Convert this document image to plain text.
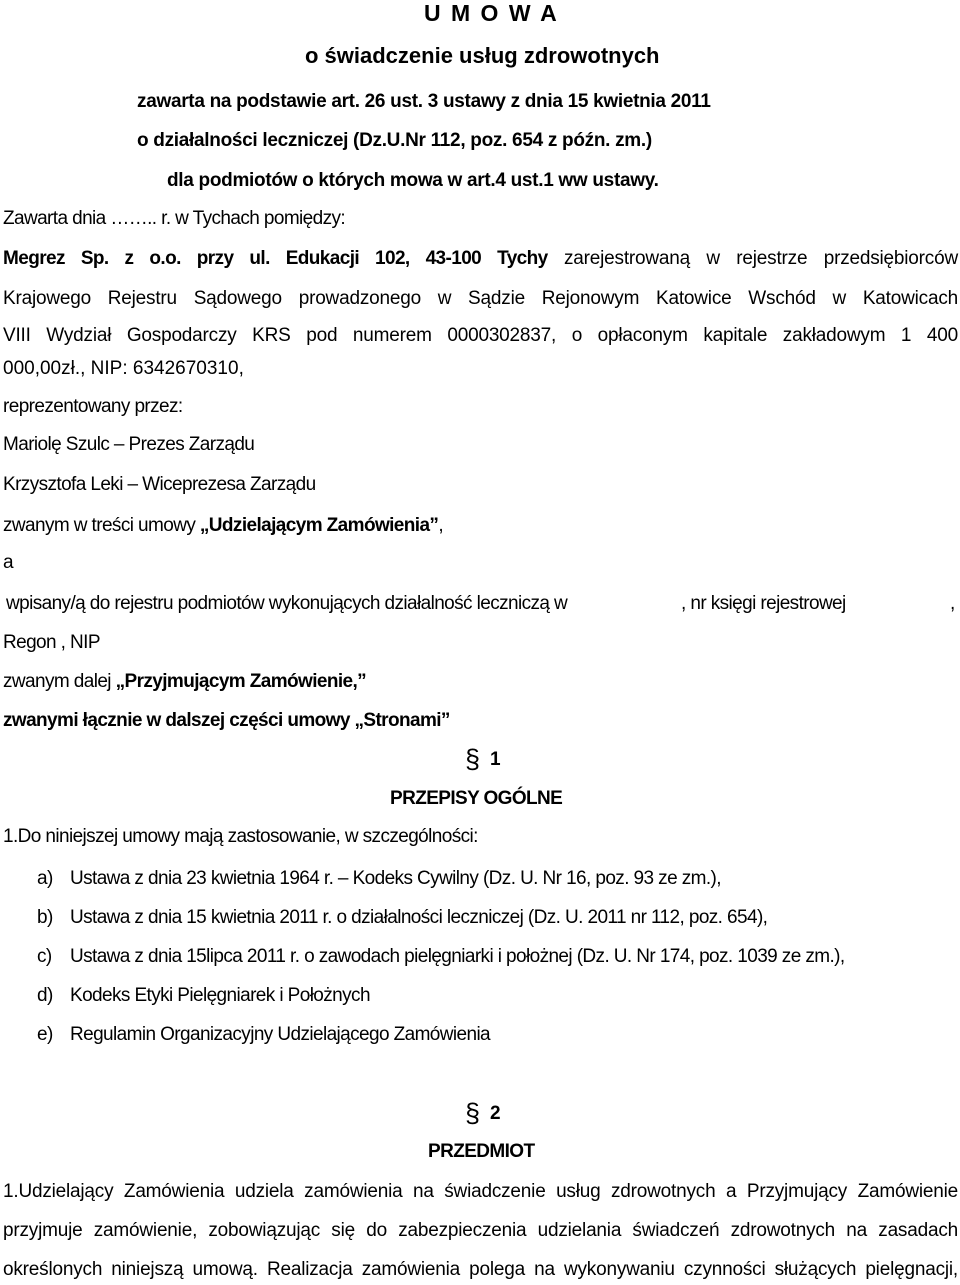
U M O W A
o świadczenie usług zdrowotnych
zawarta na podstawie art. 26 ust. 3 ustawy z dnia 15 kwietnia 2011
o działalności leczniczej (Dz.U.Nr 112, poz. 654 z późn. zm.)
dla podmiotów o których mowa w art.4 ust.1 ww ustawy.
Zawarta dnia …….. r. w Tychach pomiędzy:
Megrez Sp. z o.o. przy ul. Edukacji 102, 43-100 Tychy zarejestrowaną w rejestrze przedsiębiorców
Krajowego Rejestru Sądowego prowadzonego w Sądzie Rejonowym Katowice Wschód w Katowicach
VIII Wydział Gospodarczy KRS pod numerem 0000302837, o opłaconym kapitale zakładowym 1 400
000,00zł., NIP: 6342670310,
reprezentowany przez:
Mariolę Szulc – Prezes Zarządu
Krzysztofa Leki – Wiceprezesa Zarządu
zwanym w treści umowy „Udzielającym Zamówienia”,
a
wpisany/ą do rejestru podmiotów wykonujących działalność leczniczą w	, nr księgi rejestrowej	,
Regon , NIP
zwanym dalej „Przyjmującym Zamówienie,”
zwanymi łącznie w dalszej części umowy „Stronami”
§ 1
PRZEPISY OGÓLNE
1.Do niniejszej umowy mają zastosowanie, w szczególności:
a) Ustawa z dnia 23 kwietnia 1964 r. – Kodeks Cywilny (Dz. U. Nr 16, poz. 93 ze zm.),
b) Ustawa z dnia 15 kwietnia 2011 r. o działalności leczniczej (Dz. U. 2011 nr 112, poz. 654),
c) Ustawa z dnia 15lipca 2011 r. o zawodach pielęgniarki i położnej (Dz. U. Nr 174, poz. 1039 ze zm.),
d) Kodeks Etyki Pielęgniarek i Położnych
e) Regulamin Organizacyjny Udzielającego Zamówienia
§ 2
PRZEDMIOT
1.Udzielający Zamówienia udziela zamówienia na świadczenie usług zdrowotnych a Przyjmujący Zamówienie
przyjmuje zamówienie, zobowiązując się do zabezpieczenia udzielania świadczeń zdrowotnych na zasadach
określonych niniejszą umową. Realizacja zamówienia polega na wykonywaniu czynności służących pielęgnacji,
